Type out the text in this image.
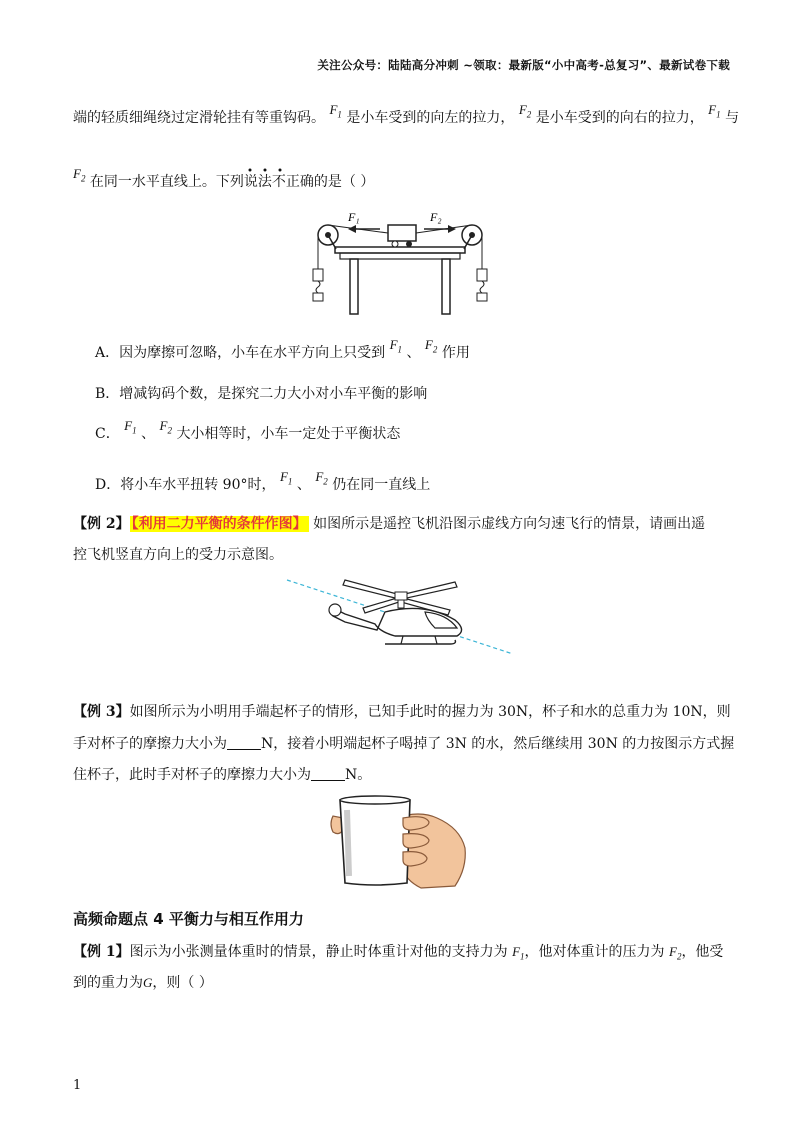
关注公众号：陆陆高分冲刺 ~领取：最新版“小中高考-总复习”、最新试卷下载
端的轻质细绳绕过定滑轮挂有等重钩码。 $F_1$ 是小车受到的向左的拉力， $F_2$ 是小车受到的向右的拉力， $F_1$ 与
$F_2$ 在同一水平直线上。下列说法不正确的是（ ）
F₁	F₂
A．因为摩擦可忽略，小车在水平方向上只受到 $F_1$ 、 $F_2$ 作用
B．增减钩码个数，是探究二力大小对小车平衡的影响
C． $F_1$ 、 $F_2$ 大小相等时，小车一定处于平衡状态
D．将小车水平扭转 90°时， $F_1$ 、 $F_2$ 仍在同一直线上
【例 2】 【利用二力平衡的条件作图】 如图所示是遥控飞机沿图示虚线方向匀速飞行的情景，请画出遥
控飞机竖直方向上的受力示意图。
【例 3】如图所示为小明用手端起杯子的情形，已知手此时的握力为 30N，杯子和水的总重力为 10N，则
手对杯子的摩擦力大小为 N，接着小明端起杯子喝掉了 3N 的水，然后继续用 30N 的力按图示方式握
住杯子，此时手对杯子的摩擦力大小为 N。
高频命题点 4 平衡力与相互作用力
【例 1】图示为小张测量体重时的情景，静止时体重计对他的支持力为 $F_1$，他对体重计的压力为 $F_2$，他受
到的重力为G，则（ ）
1
